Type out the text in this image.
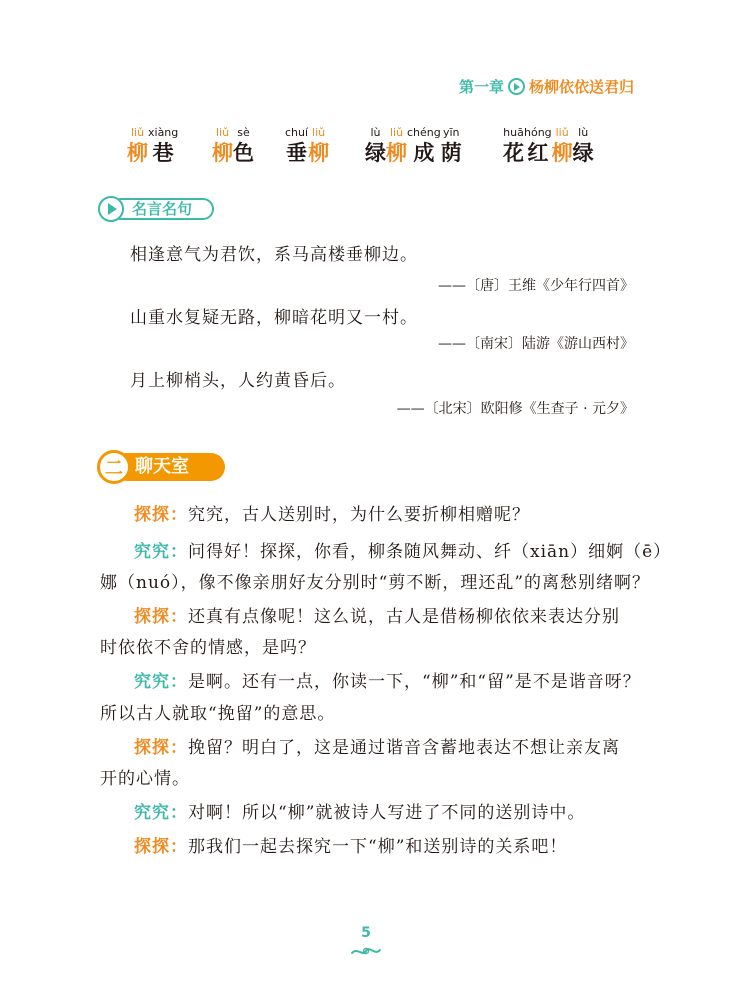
第一章 杨柳依依送君归
liǔ
柳
xiàng
巷
liǔ
柳
sè
色
chuí
垂
liǔ
柳
lù
绿
liǔ
柳
chéng
成
yīn
荫
huā
花
hóng
红
liǔ
柳
lù
绿
名言名句
相逢意气为君饮，系马高楼垂柳边。
——〔唐〕王维《少年行四首》
山重水复疑无路，柳暗花明又一村。
——〔南宋〕陆游《游山西村》
月上柳梢头，人约黄昏后。
——〔北宋〕欧阳修《生查子 · 元夕》
聊天室
二
探探：究究，古人送别时，为什么要折柳相赠呢？
究究：问得好！探探，你看，柳条随风舞动、纤（xiān）细婀（ē）
娜（nuó），像不像亲朋好友分别时“剪不断，理还乱”的离愁别绪啊？
探探：还真有点像呢！这么说，古人是借杨柳依依来表达分别
时依依不舍的情感，是吗？
究究：是啊。还有一点，你读一下，“柳”和“留”是不是谐音呀？
所以古人就取“挽留”的意思。
探探：挽留？明白了，这是通过谐音含蓄地表达不想让亲友离
开的心情。
究究：对啊！所以“柳”就被诗人写进了不同的送别诗中。
探探：那我们一起去探究一下“柳”和送别诗的关系吧！
5
